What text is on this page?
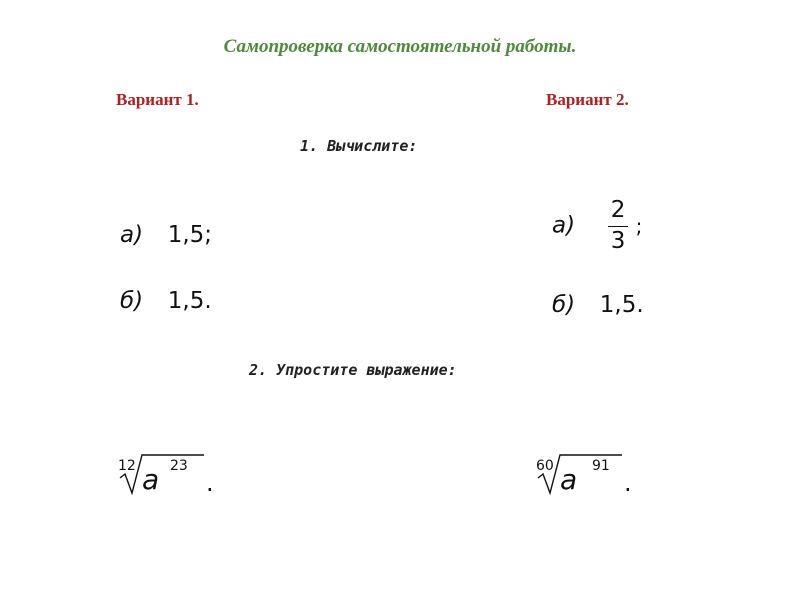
Самопроверка самостоятельной работы.
Вариант 1.	Вариант 2.
1. Вычислите:
а) 1,5;
б) 1,5.
$а) \frac{2}{3}$ ;
б) 1,5.
2. Упростите выражение:
12 a 23
.
60 a 91
.
